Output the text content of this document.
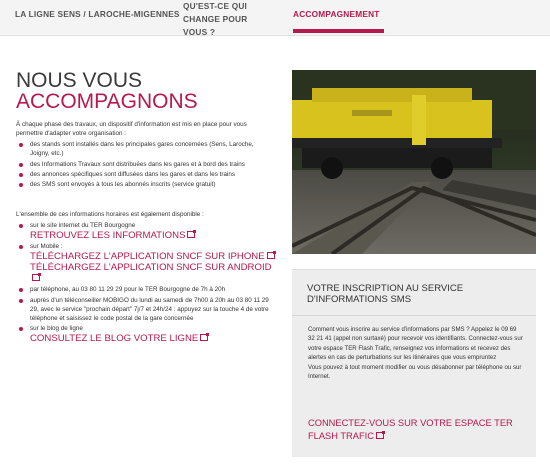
LA LIGNE SENS / LAROCHE-MIGENNES
QU'EST-CE QUI CHANGE POUR VOUS ?
ACCOMPAGNEMENT
NOUS VOUS
ACCOMPAGNONS

À chaque phase des travaux, un dispositif d'information est mis en place pour vous permettre d'adapter votre organisation :

des stands sont installés dans les principales gares concernées (Sens, Laroche, Joigny, etc.)
des Informations Travaux sont distribuées dans les gares et à bord des trains
des annonces spécifiques sont diffusées dans les gares et dans les trains
des SMS sont envoyés à tous les abonnés inscrits (service gratuit)

L'ensemble de ces informations horaires est également disponible :

sur le site internet du TER Bourgogne
RETROUVEZ LES INFORMATIONS
sur Mobile :
TÉLÉCHARGEZ L'APPLICATION SNCF SUR IPHONE
TÉLÉCHARGEZ L'APPLICATION SNCF SUR ANDROID
par téléphone, au 03 80 11 29 29 pour le TER Bourgogne de 7h à 20h
auprès d'un téléconseiller MOBIGO du lundi au samedi de 7h00 à 20h au 03 80 11 29 29, avec le service "prochain départ" 7j/7 et 24h/24 : appuyez sur la touche 4 de votre téléphone et saisissez le code postal de la gare concernée
sur le blog de ligne
CONSULTEZ LE BLOG VOTRE LIGNE
VOTRE INSCRIPTION AU SERVICE D'INFORMATIONS SMS
Comment vous inscrire au service d'informations par SMS ? Appelez le 09 69 32 21 41 (appel non surtaxé) pour recevoir vos identifiants. Connectez-vous sur votre espace TER Flash Trafic, renseignez vos informations et recevez des alertes en cas de perturbations sur les itinéraires que vous empruntez
Vous pouvez à tout moment modifier ou vous désabonner par téléphone ou sur Internet.
CONNECTEZ-VOUS SUR VOTRE ESPACE TER FLASH TRAFIC
